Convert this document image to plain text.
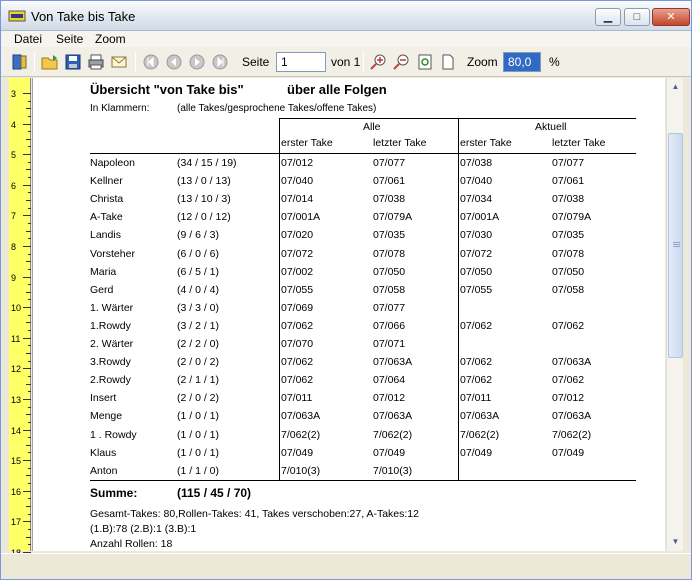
Von Take bis Take	▁	□	✕
Datei Seite Zoom
Seite
1	von 1	Zoom
80,0	%
3
4
5
6
7
8
9
10
11
12
13
14
15
16
17
Übersicht "von Take bis"	über alle Folgen
In Klammern:	(alle Takes/gesprochene Takes/offene Takes)
Alle	Aktuell
erster Take	letzter Take	erster Take	letzter Take
Napoleon	(34 / 15 / 19)	07/012	07/077	07/038	07/077
Kellner	(13 / 0 / 13)	07/040	07/061	07/040	07/061
Christa	(13 / 10 / 3)	07/014	07/038	07/034	07/038
A-Take	(12 / 0 / 12)	07/001A	07/079A	07/001A	07/079A
Landis	(9 / 6 / 3)	07/020	07/035	07/030	07/035
Vorsteher	(6 / 0 / 6)	07/072	07/078	07/072	07/078
Maria	(6 / 5 / 1)	07/002	07/050	07/050	07/050
Gerd	(4 / 0 / 4)	07/055	07/058	07/055	07/058
1. Wärter	(3 / 3 / 0)	07/069	07/077
1.Rowdy	(3 / 2 / 1)	07/062	07/066	07/062	07/062
2. Wärter	(2 / 2 / 0)	07/070	07/071
3.Rowdy	(2 / 0 / 2)	07/062	07/063A	07/062	07/063A
2.Rowdy	(2 / 1 / 1)	07/062	07/064	07/062	07/062
Insert	(2 / 0 / 2)	07/011	07/012	07/011	07/012
Menge	(1 / 0 / 1)	07/063A	07/063A	07/063A	07/063A
1 . Rowdy	(1 / 0 / 1)	7/062(2)	7/062(2)	7/062(2)	7/062(2)
Klaus	(1 / 0 / 1)	07/049	07/049	07/049	07/049
Anton	(1 / 1 / 0)	7/010(3)	7/010(3)
Summe:	(115 / 45 / 70)
Gesamt-Takes: 80,Rollen-Takes: 41, Takes verschoben:27, A-Takes:12
(1.B):78 (2.B):1 (3.B):1
Anzahl Rollen: 18
▲
▼
